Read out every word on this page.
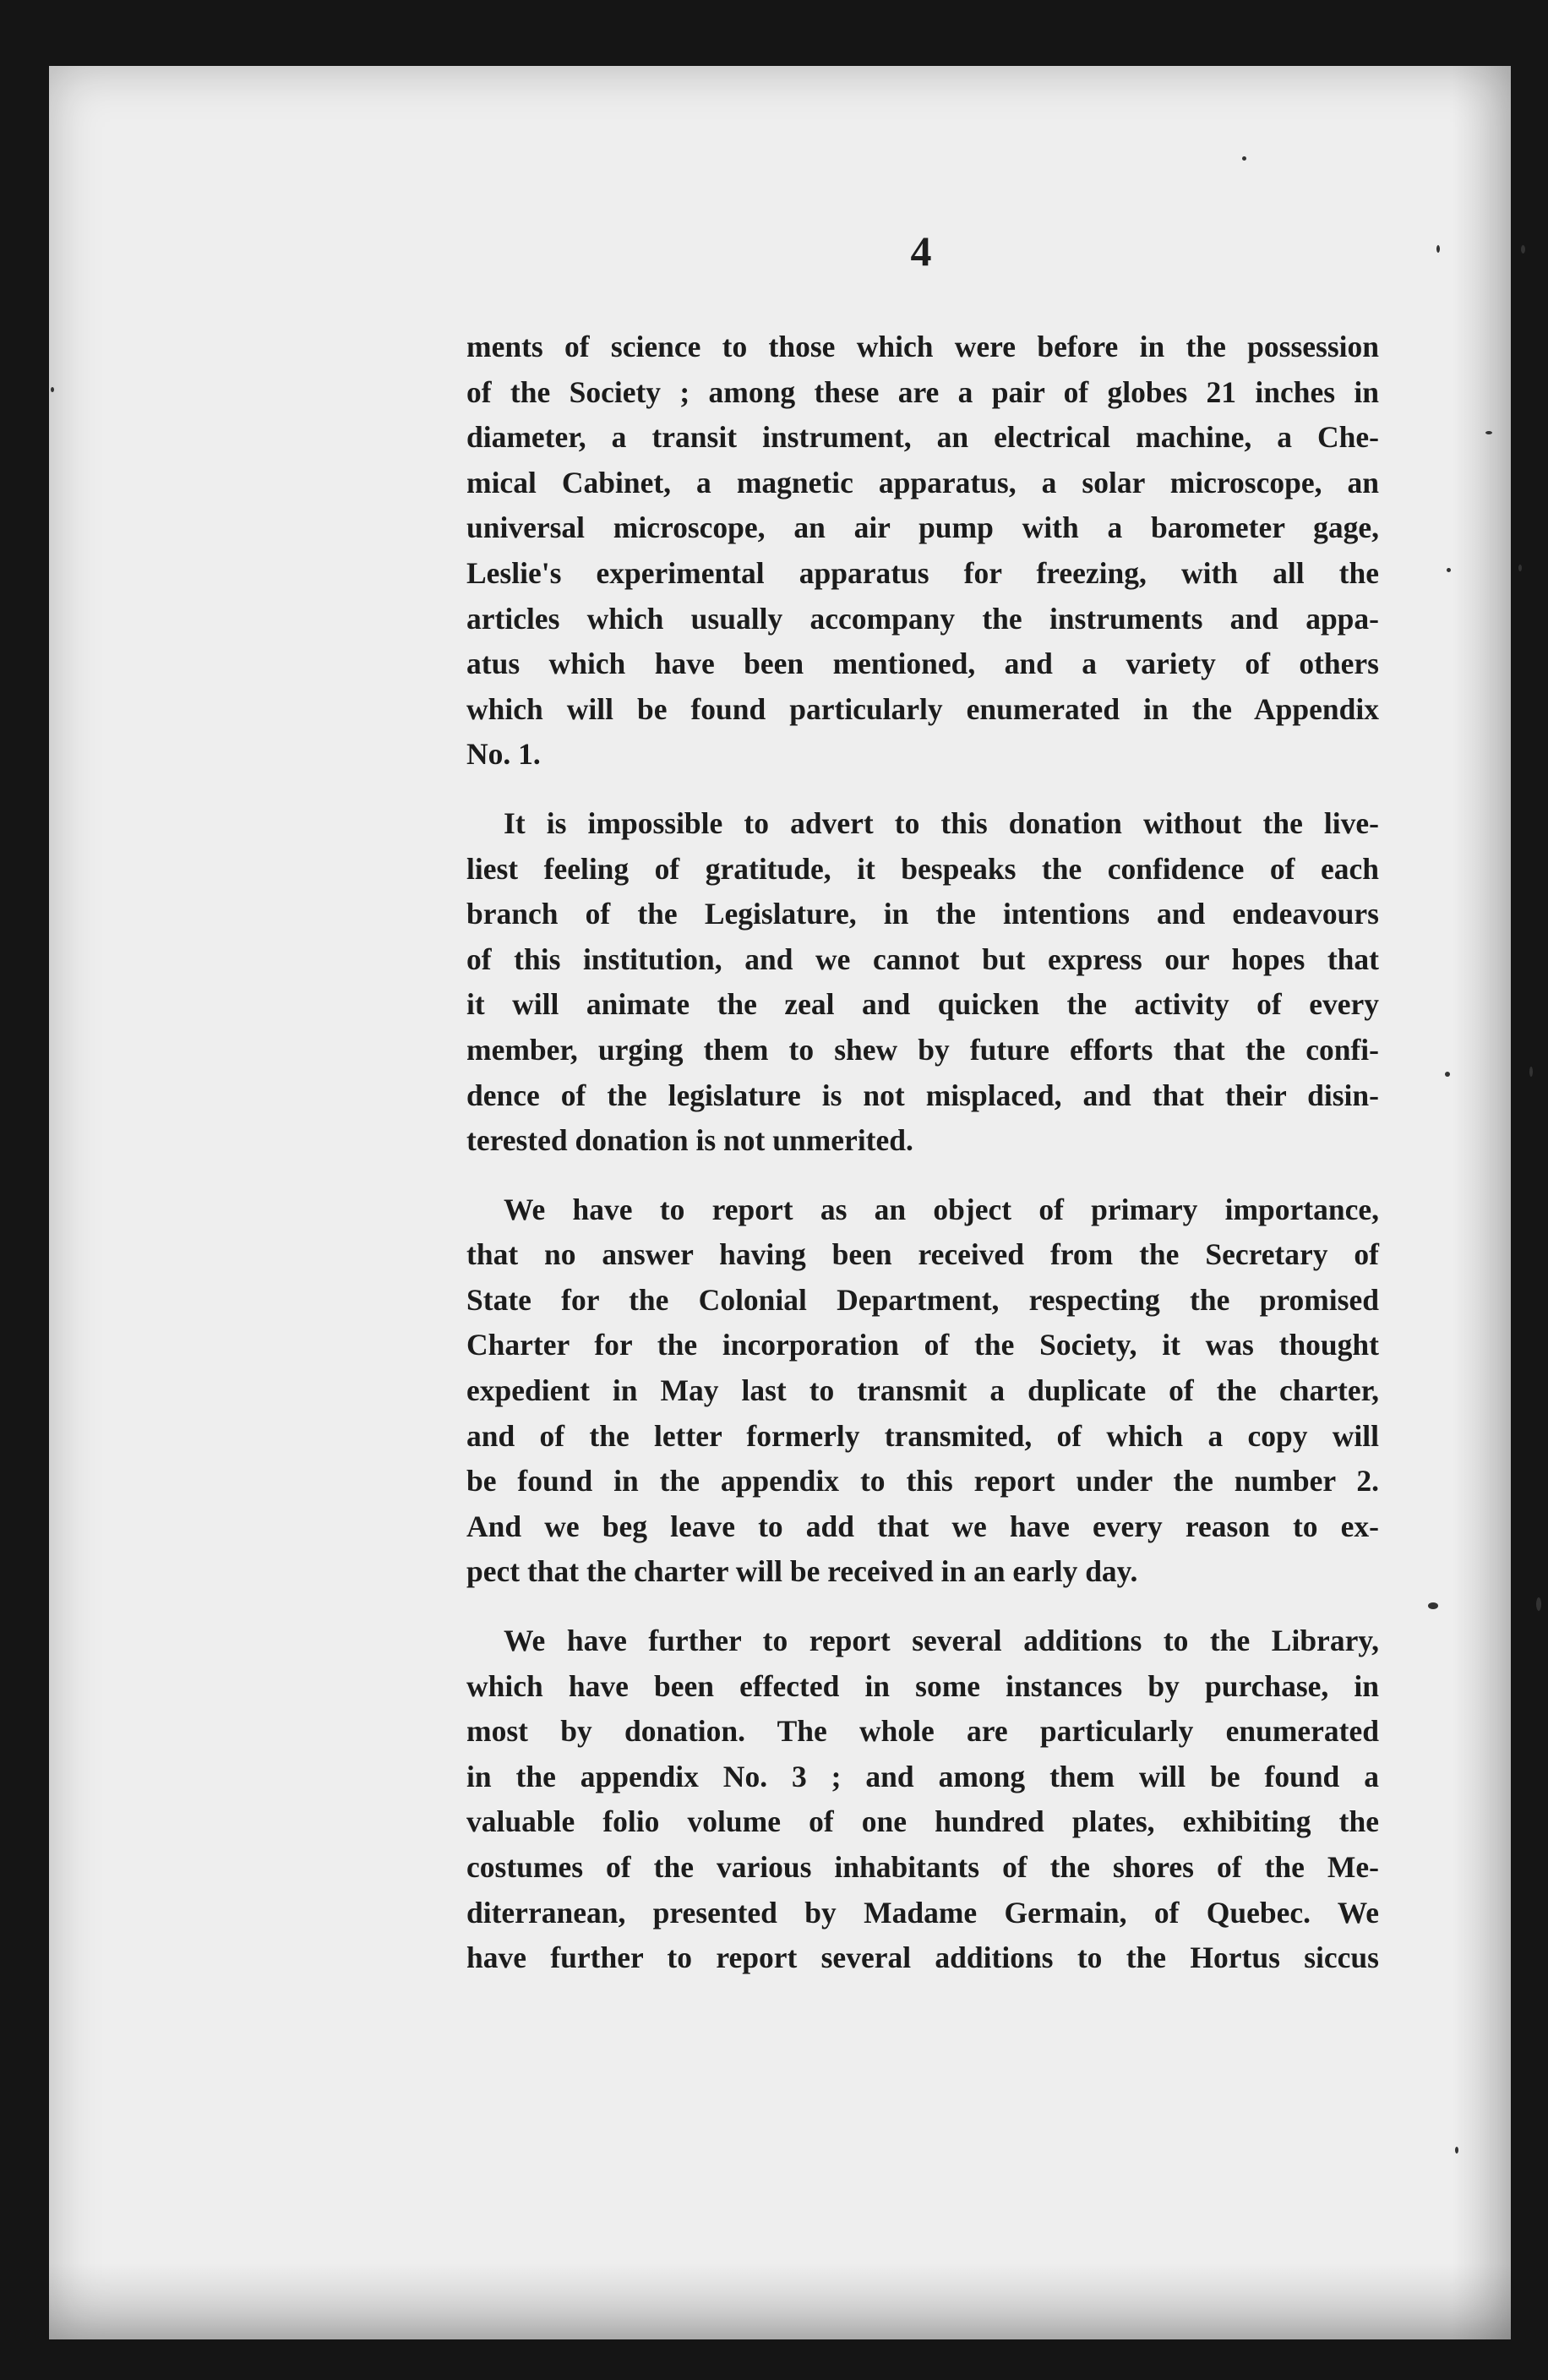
4
ments of science to those which were before in the possession
of the Society ; among these are a pair of globes 21 inches in
diameter, a transit instrument, an electrical machine, a Che-
mical Cabinet, a magnetic apparatus, a solar microscope, an
universal microscope, an air pump with a barometer gage,
Leslie's experimental apparatus for freezing, with all the
articles which usually accompany the instruments and appa-
atus which have been mentioned, and a variety of others
which will be found particularly enumerated in the Appendix
No. 1.
It is impossible to advert to this donation without the live-
liest feeling of gratitude, it bespeaks the confidence of each
branch of the Legislature, in the intentions and endeavours
of this institution, and we cannot but express our hopes that
it will animate the zeal and quicken the activity of every
member, urging them to shew by future efforts that the confi-
dence of the legislature is not misplaced, and that their disin-
terested donation is not unmerited.
We have to report as an object of primary importance,
that no answer having been received from the Secretary of
State for the Colonial Department, respecting the promised
Charter for the incorporation of the Society, it was thought
expedient in May last to transmit a duplicate of the charter,
and of the letter formerly transmited, of which a copy will
be found in the appendix to this report under the number 2.
And we beg leave to add that we have every reason to ex-
pect that the charter will be received in an early day.
We have further to report several additions to the Library,
which have been effected in some instances by purchase, in
most by donation. The whole are particularly enumerated
in the appendix No. 3 ; and among them will be found a
valuable folio volume of one hundred plates, exhibiting the
costumes of the various inhabitants of the shores of the Me-
diterranean, presented by Madame Germain, of Quebec. We
have further to report several additions to the Hortus siccus
